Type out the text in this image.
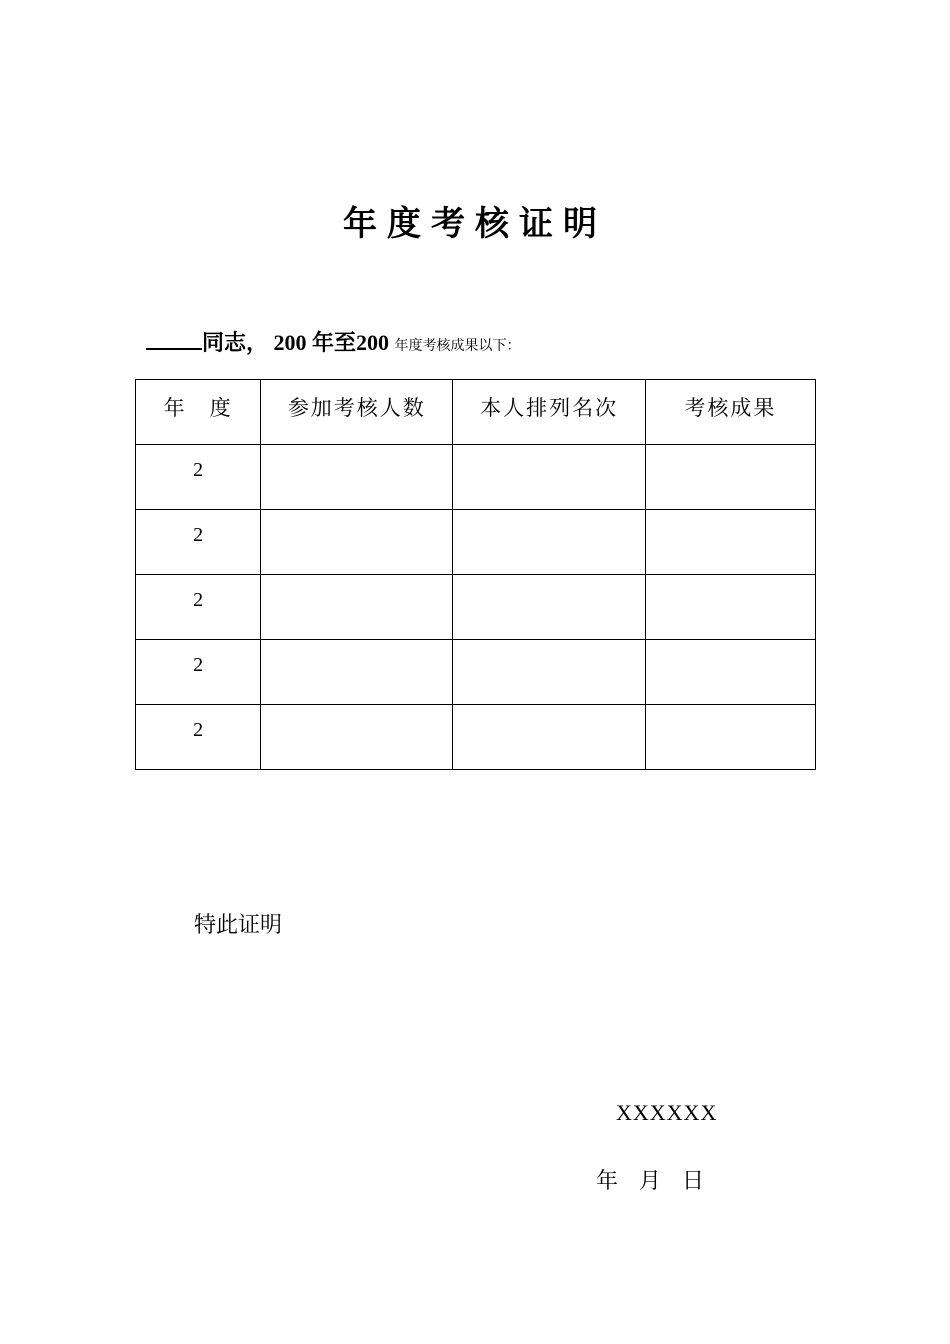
年度考核证明
同志， 200 年至200 年度考核成果以下：
年　度	参加考核人数	本人排列名次	考核成果
2			
2			
2			
2			
2			
特此证明
XXXXXX
年   月   日
